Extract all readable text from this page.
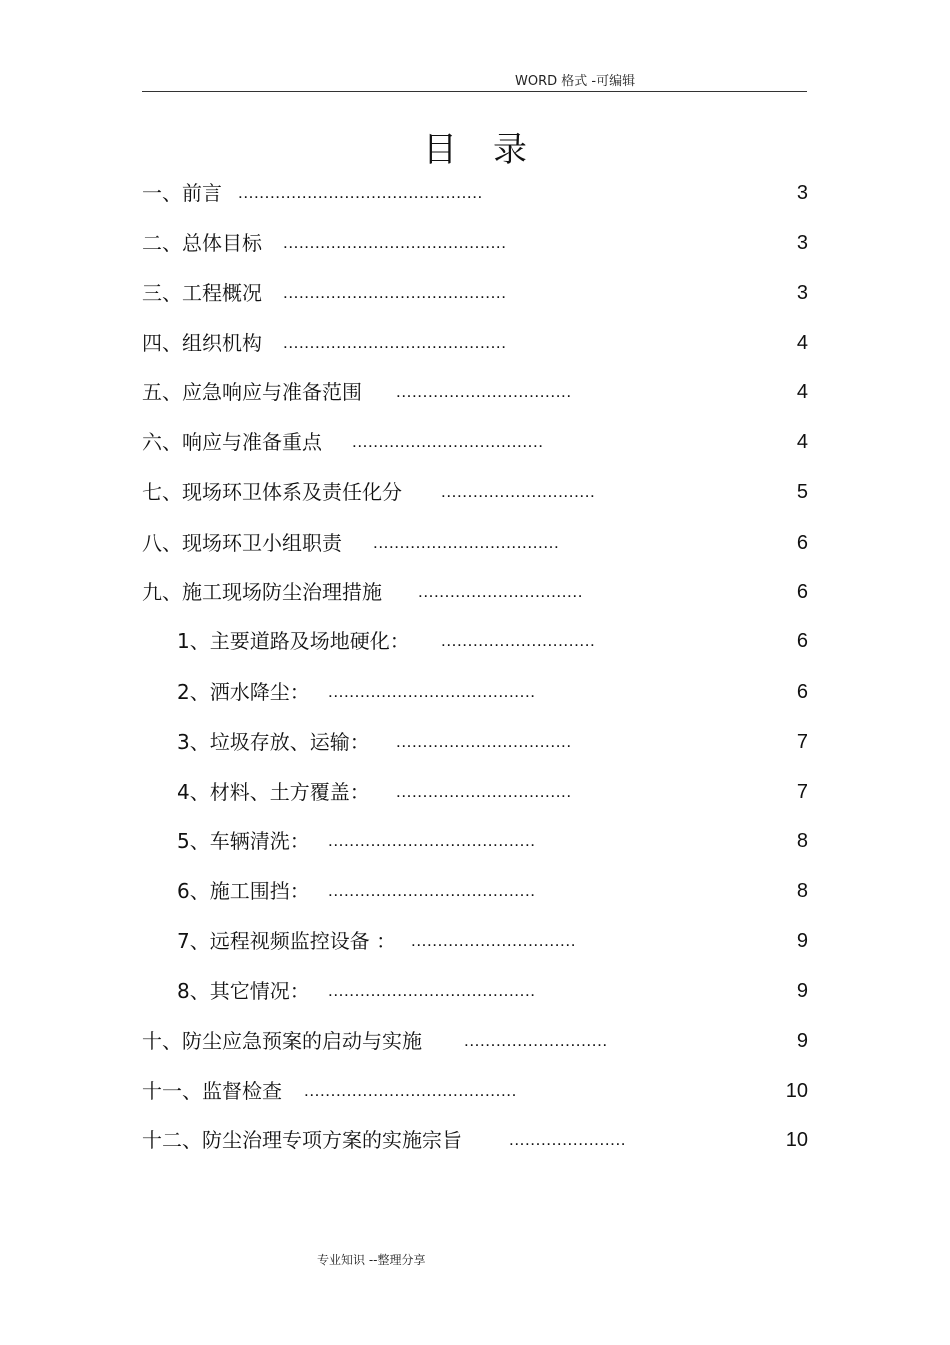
WORD 格式 -可编辑
目录
一、前言 ..............................................	3
二、总体目标 ..........................................	3
三、工程概况 ..........................................	3
四、组织机构 ..........................................	4
五、应急响应与准备范围 .................................	4
六、响应与准备重点 ....................................	4
七、现场环卫体系及责任化分 .............................	5
八、现场环卫小组职责 ...................................	6
九、施工现场防尘治理措施 ...............................	6
1、主要道路及场地硬化： .............................	6
2、洒水降尘： .......................................	6
3、垃圾存放、运输： .................................	7
4、材料、土方覆盖： .................................	7
5、车辆清洗： .......................................	8
6、施工围挡： .......................................	8
7、远程视频监控设备 ： ...............................	9
8、其它情况： .......................................	9
十、防尘应急预案的启动与实施 ...........................	9
十一、监督检查 ........................................	10
十二、防尘治理专项方案的实施宗旨	......................	10
专业知识 --整理分享
